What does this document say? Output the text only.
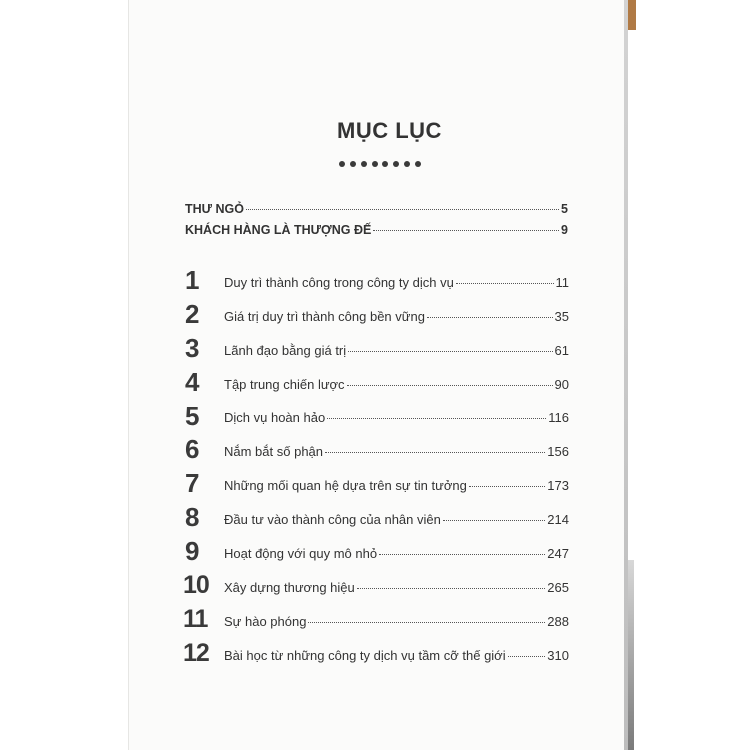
MỤC LỤC
THƯ NGỎ	5
KHÁCH HÀNG LÀ THƯỢNG ĐẾ	9
1	Duy trì thành công trong công ty dịch vụ	11
2	Giá trị duy trì thành công bền vững	35
3	Lãnh đạo bằng giá trị	61
4	Tập trung chiến lược	90
5	Dịch vụ hoàn hảo	116
6	Nắm bắt số phận	156
7	Những mối quan hệ dựa trên sự tin tưởng	173
8	Đầu tư vào thành công của nhân viên	214
9	Hoạt động với quy mô nhỏ	247
10	Xây dựng thương hiệu	265
11	Sự hào phóng	288
12	Bài học từ những công ty dịch vụ tầm cỡ thế giới	310
